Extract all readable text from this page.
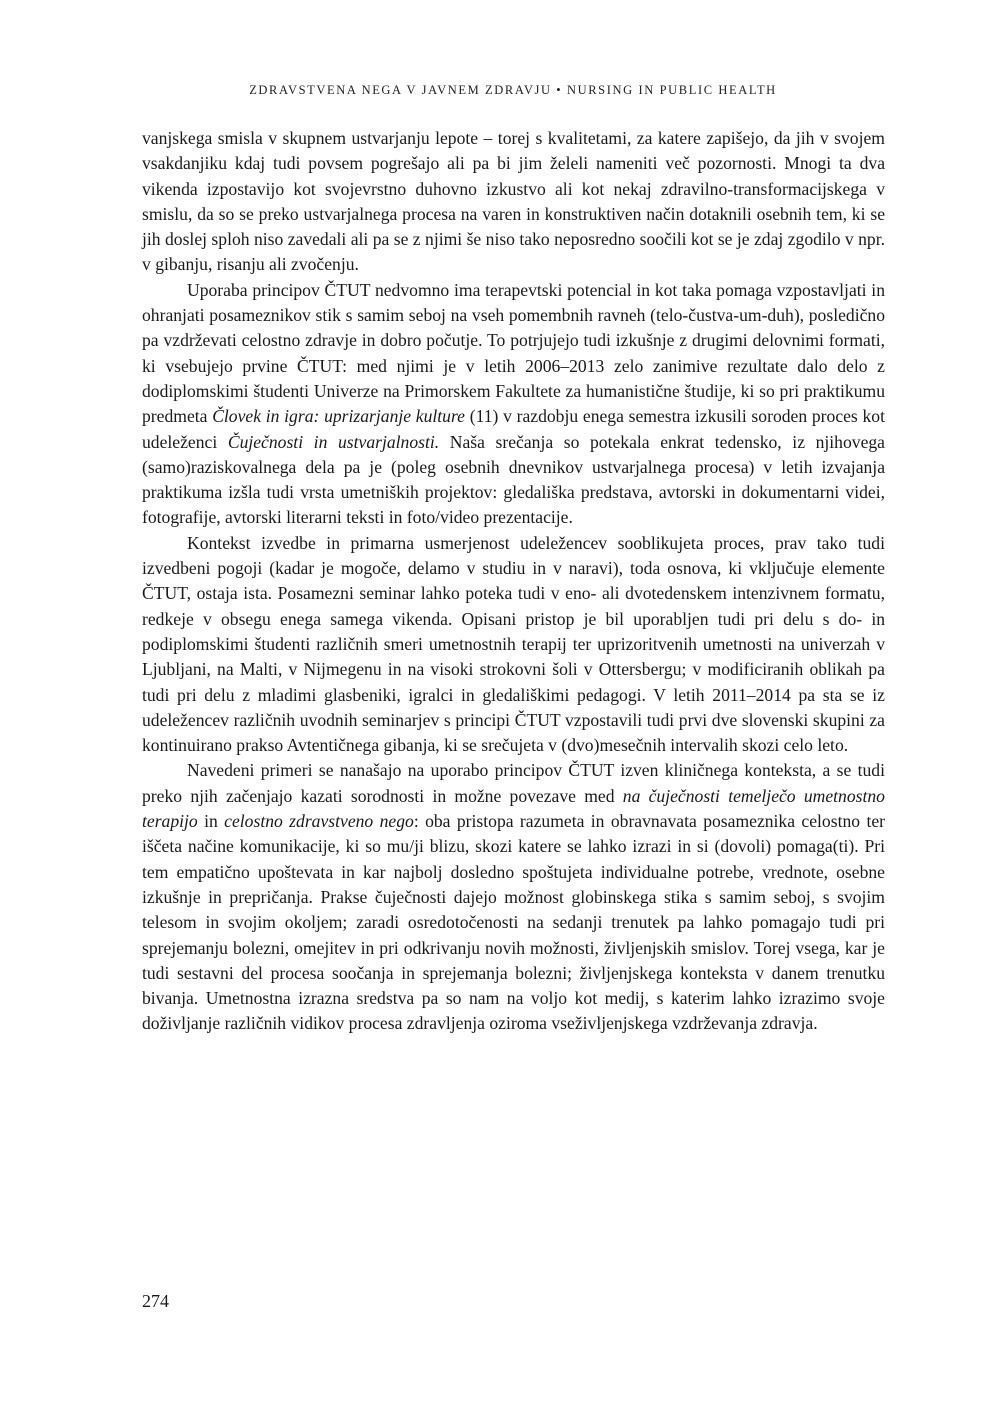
ZDRAVSTVENA NEGA V JAVNEM ZDRAVJU • NURSING IN PUBLIC HEALTH

vanjskega smisla v skupnem ustvarjanju lepote – torej s kvalitetami, za katere zapišejo, da jih v svojem vsakdanjiku kdaj tudi povsem pogrešajo ali pa bi jim želeli nameniti več pozornosti. Mnogi ta dva vikenda izpostavijo kot svojevrstno duhovno izkustvo ali kot nekaj zdravilno-transformacijskega v smislu, da so se preko ustvarjalnega procesa na varen in konstruktiven način dotaknili osebnih tem, ki se jih doslej sploh niso zavedali ali pa se z njimi še niso tako neposredno soočili kot se je zdaj zgodilo v npr. v gibanju, risanju ali zvočenju.

Uporaba principov ČTUT nedvomno ima terapevtski potencial in kot taka pomaga vzpostavljati in ohranjati posameznikov stik s samim seboj na vseh pomembnih ravneh (telo-čustva-um-duh), posledično pa vzdrževati celostno zdravje in dobro počutje. To potrjujejo tudi izkušnje z drugimi delovnimi formati, ki vsebujejo prvine ČTUT: med njimi je v letih 2006–2013 zelo zanimive rezultate dalo delo z dodiplomskimi študenti Univerze na Primorskem Fakultete za humanistične študije, ki so pri praktikumu predmeta Človek in igra: uprizarjanje kulture (11) v razdobju enega semestra izkusili soroden proces kot udeleženci Čuječnosti in ustvarjalnosti. Naša srečanja so potekala enkrat tedensko, iz njihovega (samo)raziskovalnega dela pa je (poleg osebnih dnevnikov ustvarjalnega procesa) v letih izvajanja praktikuma izšla tudi vrsta umetniških projektov: gledališka predstava, avtorski in dokumentarni videi, fotografije, avtorski literarni teksti in foto/video prezentacije.

Kontekst izvedbe in primarna usmerjenost udeležencev sooblikujeta proces, prav tako tudi izvedbeni pogoji (kadar je mogoče, delamo v studiu in v naravi), toda osnova, ki vključuje elemente ČTUT, ostaja ista. Posamezni seminar lahko poteka tudi v eno- ali dvotedenskem intenzivnem formatu, redkeje v obsegu enega samega vikenda. Opisani pristop je bil uporabljen tudi pri delu s do- in podiplomskimi študenti različnih smeri umetnostnih terapij ter uprizoritvenih umetnosti na univerzah v Ljubljani, na Malti, v Nijmegenu in na visoki strokovni šoli v Ottersbergu; v modificiranih oblikah pa tudi pri delu z mladimi glasbeniki, igralci in gledališkimi pedagogi. V letih 2011–2014 pa sta se iz udeležencev različnih uvodnih seminarjev s principi ČTUT vzpostavili tudi prvi dve slovenski skupini za kontinuirano prakso Avtentičnega gibanja, ki se srečujeta v (dvo)mesečnih intervalih skozi celo leto.

Navedeni primeri se nanašajo na uporabo principov ČTUT izven kliničnega konteksta, a se tudi preko njih začenjajo kazati sorodnosti in možne povezave med na čuječnosti temelječo umetnostno terapijo in celostno zdravstveno nego: oba pristopa razumeta in obravnavata posameznika celostno ter iščeta načine komunikacije, ki so mu/ji blizu, skozi katere se lahko izrazi in si (dovoli) pomaga(ti). Pri tem empatično upoštevata in kar najbolj dosledno spoštujeta individualne potrebe, vrednote, osebne izkušnje in prepričanja. Prakse čuječnosti dajejo možnost globinskega stika s samim seboj, s svojim telesom in svojim okoljem; zaradi osredotočenosti na sedanji trenutek pa lahko pomagajo tudi pri sprejemanju bolezni, omejitev in pri odkrivanju novih možnosti, življenjskih smislov. Torej vsega, kar je tudi sestavni del procesa soočanja in sprejemanja bolezni; življenjskega konteksta v danem trenutku bivanja. Umetnostna izrazna sredstva pa so nam na voljo kot medij, s katerim lahko izrazimo svoje doživljanje različnih vidikov procesa zdravljenja oziroma vseživljenjskega vzdrževanja zdravja.

274
